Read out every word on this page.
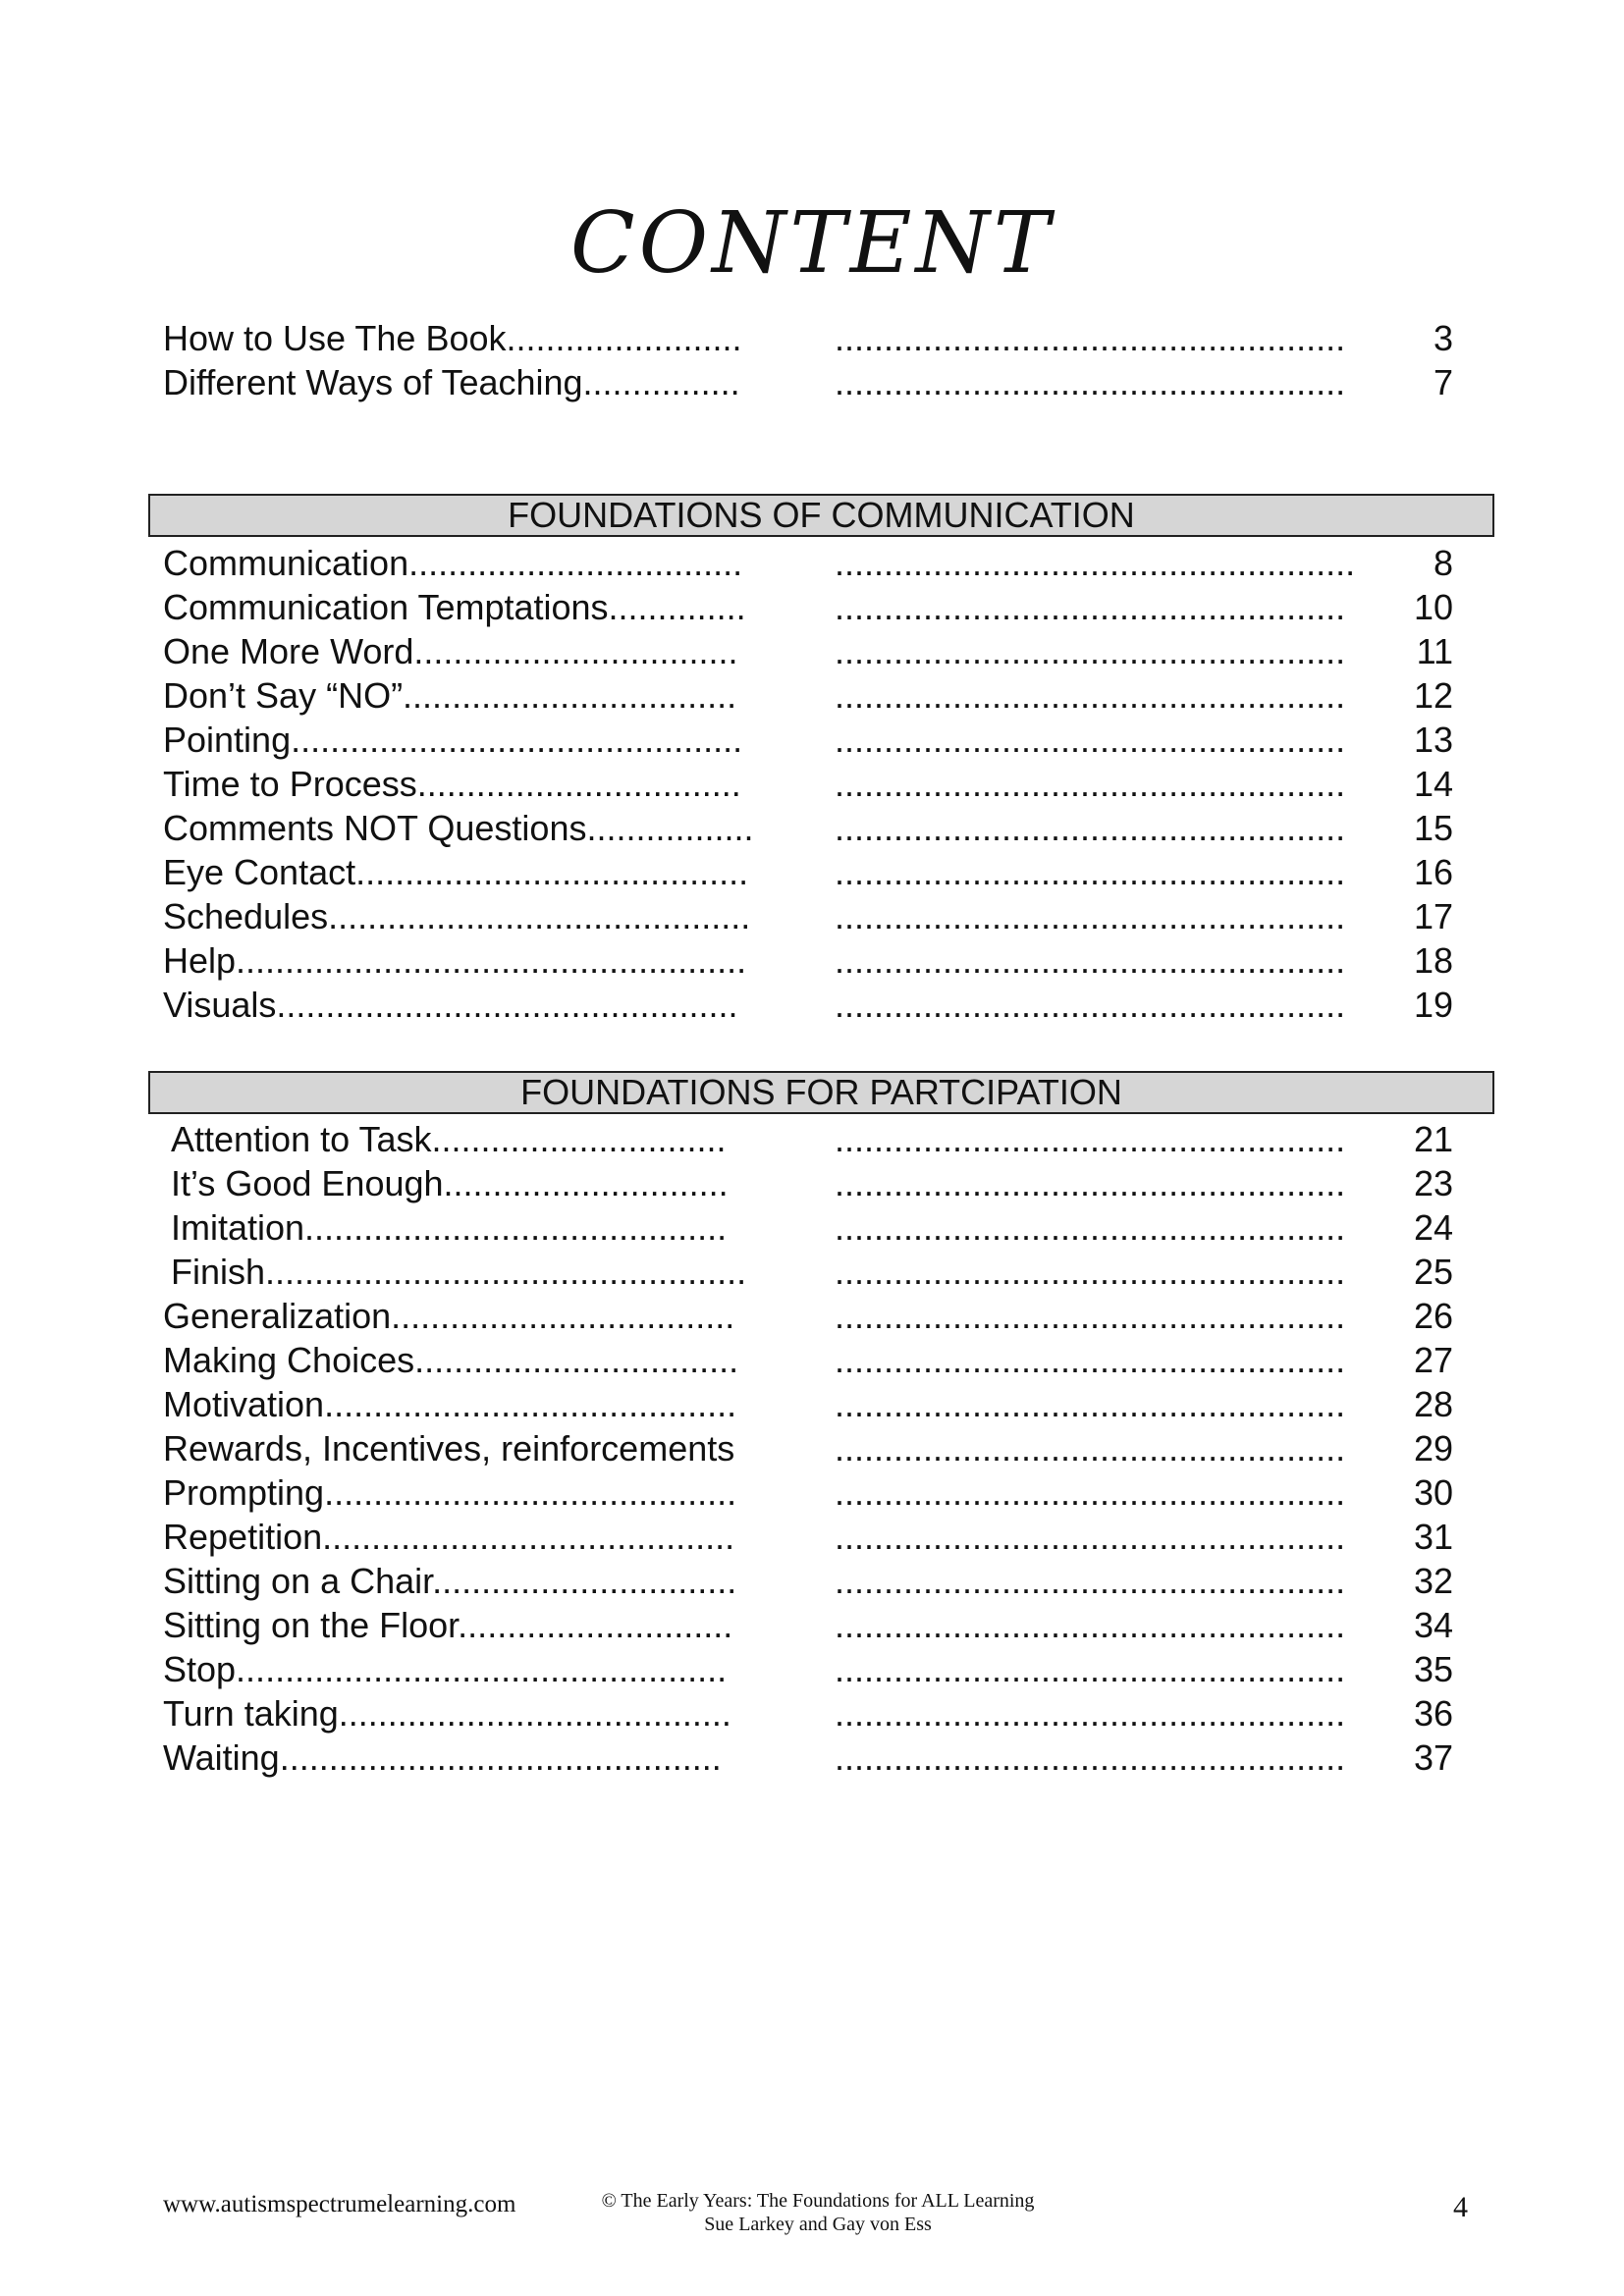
CONTENT
How to Use The Book........................	....................................................	3
Different Ways of Teaching................	....................................................	7
FOUNDATIONS OF COMMUNICATION
Communication..................................	.....................................................	8
Communication Temptations..............	....................................................	10
One More Word.................................	....................................................	11
Don’t Say “NO”..................................	....................................................	12
Pointing..............................................	....................................................	13
Time to Process.................................	....................................................	14
Comments NOT Questions.................	....................................................	15
Eye Contact........................................	....................................................	16
Schedules...........................................	....................................................	17
Help....................................................	....................................................	18
Visuals...............................................	....................................................	19
FOUNDATIONS FOR PARTCIPATION
Attention to Task..............................	....................................................	21
It’s Good Enough.............................	....................................................	23
Imitation...........................................	....................................................	24
Finish.................................................	....................................................	25
Generalization...................................	....................................................	26
Making Choices.................................	....................................................	27
Motivation..........................................	....................................................	28
Rewards, Incentives, reinforcements	....................................................	29
Prompting..........................................	....................................................	30
Repetition..........................................	....................................................	31
Sitting on a Chair...............................	....................................................	32
Sitting on the Floor............................	....................................................	34
Stop..................................................	....................................................	35
Turn taking........................................	....................................................	36
Waiting.............................................	....................................................	37
www.autismspectrumelearning.com	© The Early Years: The Foundations for ALL Learning
Sue Larkey and Gay von Ess
4
